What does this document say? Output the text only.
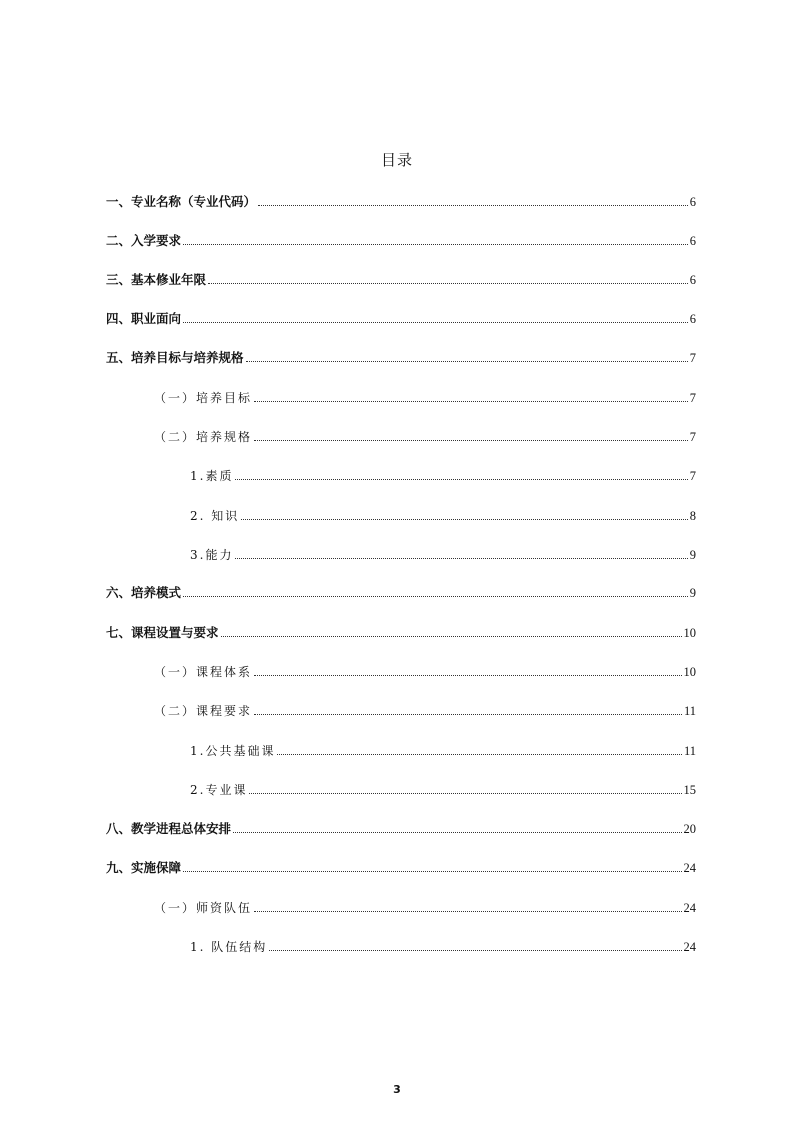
目录
一、专业名称（专业代码）	6
二、入学要求	6
三、基本修业年限	6
四、职业面向	6
五、培养目标与培养规格	7
（一）培养目标	7
（二）培养规格	7
1.素质	7
2. 知识	8
3.能力	9
六、培养模式	9
七、课程设置与要求	10
（一）课程体系	10
（二）课程要求	11
1.公共基础课	11
2.专业课	15
八、教学进程总体安排	20
九、实施保障	24
（一）师资队伍	24
1. 队伍结构	24
3
